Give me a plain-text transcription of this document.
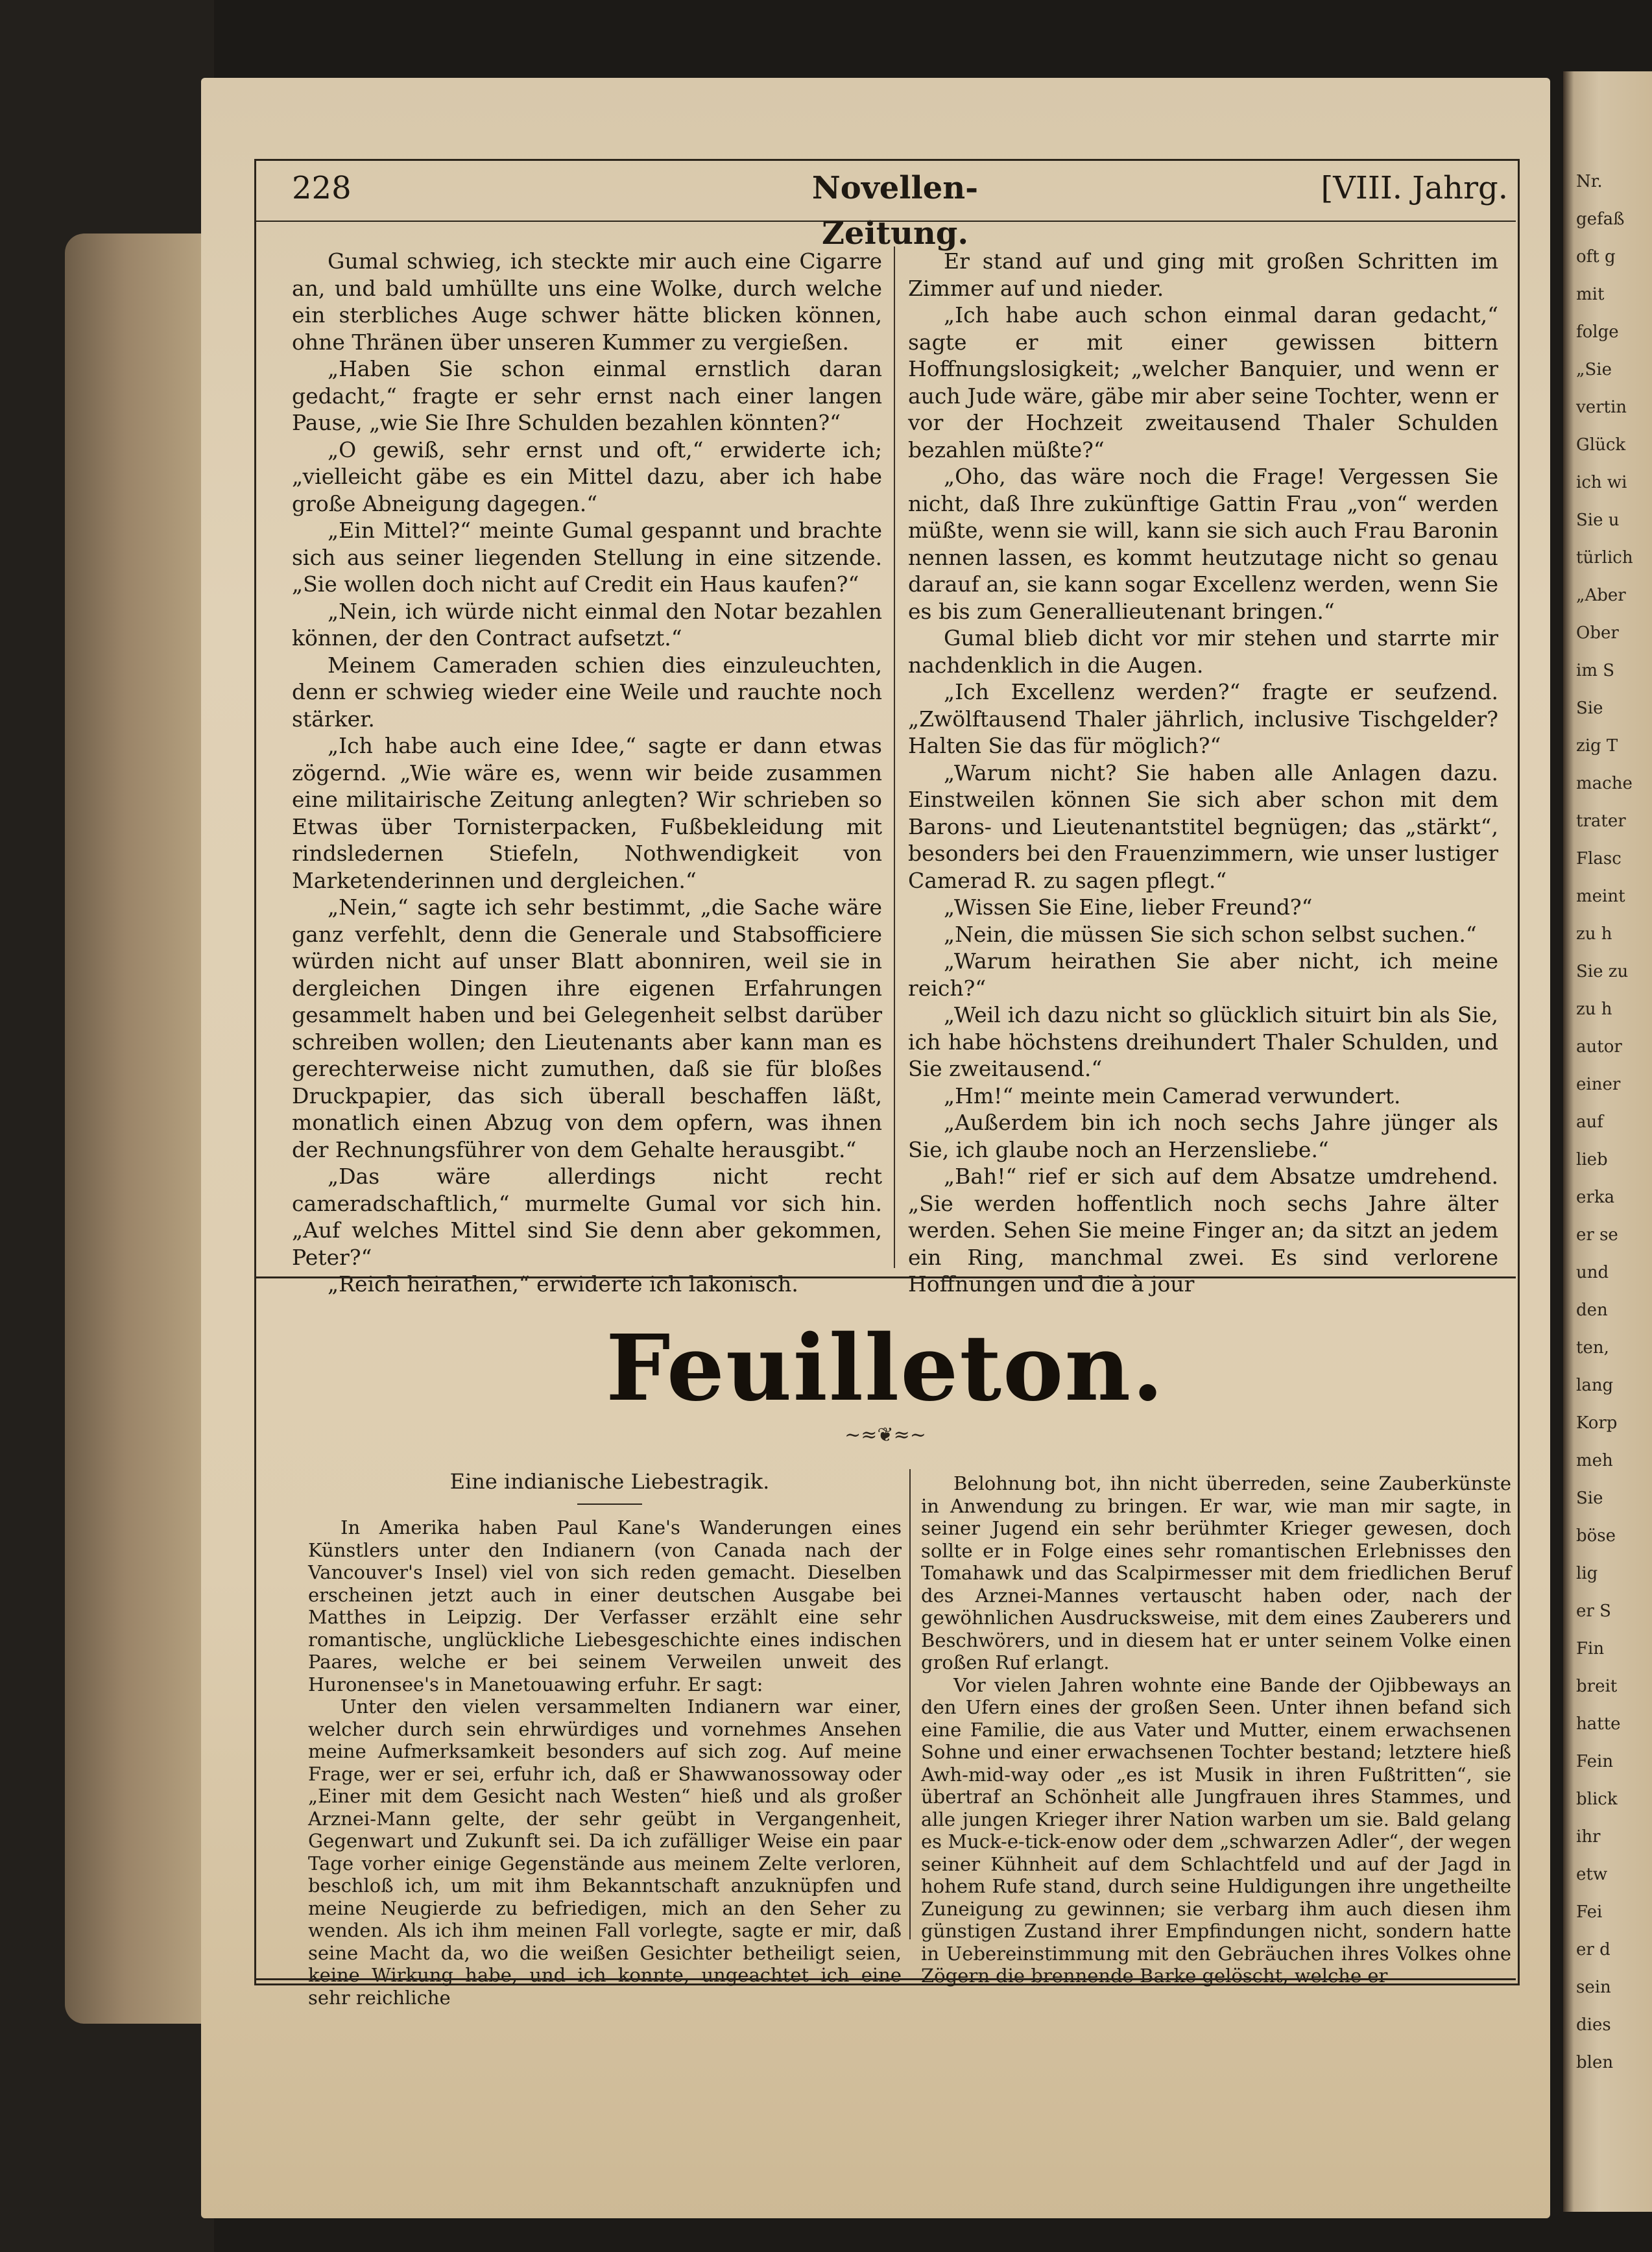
Nr.
gefaß
oft g
mit
folge
„Sie
vertin
Glück
ich wi
Sie u
türlich
„Aber
Ober
im S
Sie
zig T
mache
trater
Flasc
meint
zu h
Sie zu
zu h
autor
einer
auf
lieb
erka
er se
und
den
ten,
lang
Korp
meh
Sie
böse
lig
er S
Fin
breit
hatte
Fein
blick
ihr
etw
Fei
er d
sein
dies
blen
228	Novellen-Zeitung.
[VIII. Jahrg.

Gumal schwieg, ich steckte mir auch eine Cigarre an, und bald umhüllte uns eine Wolke, durch welche ein sterbliches Auge schwer hätte blicken können, ohne Thränen über unseren Kummer zu vergießen.

„Haben Sie schon einmal ernstlich daran gedacht,“ fragte er sehr ernst nach einer langen Pause, „wie Sie Ihre Schulden bezahlen könnten?“

„O gewiß, sehr ernst und oft,“ erwiderte ich; „vielleicht gäbe es ein Mittel dazu, aber ich habe große Abneigung dagegen.“

„Ein Mittel?“ meinte Gumal gespannt und brachte sich aus seiner liegenden Stellung in eine sitzende. „Sie wollen doch nicht auf Credit ein Haus kaufen?“

„Nein, ich würde nicht einmal den Notar bezahlen können, der den Contract aufsetzt.“

Meinem Cameraden schien dies einzuleuchten, denn er schwieg wieder eine Weile und rauchte noch stärker.

„Ich habe auch eine Idee,“ sagte er dann etwas zögernd. „Wie wäre es, wenn wir beide zusammen eine militairische Zeitung anlegten? Wir schrieben so Etwas über Tornisterpacken, Fußbekleidung mit rindsledernen Stiefeln, Nothwendigkeit von Marketenderinnen und dergleichen.“

„Nein,“ sagte ich sehr bestimmt, „die Sache wäre ganz verfehlt, denn die Generale und Stabsofficiere würden nicht auf unser Blatt abonniren, weil sie in dergleichen Dingen ihre eigenen Erfahrungen gesammelt haben und bei Gelegenheit selbst darüber schreiben wollen; den Lieutenants aber kann man es gerechterweise nicht zumuthen, daß sie für bloßes Druckpapier, das sich überall beschaffen läßt, monatlich einen Abzug von dem opfern, was ihnen der Rechnungsführer von dem Gehalte herausgibt.“

„Das wäre allerdings nicht recht cameradschaftlich,“ murmelte Gumal vor sich hin. „Auf welches Mittel sind Sie denn aber gekommen, Peter?“

„Reich heirathen,“ erwiderte ich lakonisch.

Er stand auf und ging mit großen Schritten im Zimmer auf und nieder.

„Ich habe auch schon einmal daran gedacht,“ sagte er mit einer gewissen bittern Hoffnungslosigkeit; „welcher Banquier, und wenn er auch Jude wäre, gäbe mir aber seine Tochter, wenn er vor der Hochzeit zweitausend Thaler Schulden bezahlen müßte?“

„Oho, das wäre noch die Frage! Vergessen Sie nicht, daß Ihre zukünftige Gattin Frau „von“ werden müßte, wenn sie will, kann sie sich auch Frau Baronin nennen lassen, es kommt heutzutage nicht so genau darauf an, sie kann sogar Excellenz werden, wenn Sie es bis zum Generallieutenant bringen.“

Gumal blieb dicht vor mir stehen und starrte mir nachdenklich in die Augen.

„Ich Excellenz werden?“ fragte er seufzend. „Zwölftausend Thaler jährlich, inclusive Tischgelder? Halten Sie das für möglich?“

„Warum nicht? Sie haben alle Anlagen dazu. Einstweilen können Sie sich aber schon mit dem Barons- und Lieutenantstitel begnügen; das „stärkt“, besonders bei den Frauenzimmern, wie unser lustiger Camerad R. zu sagen pflegt.“

„Wissen Sie Eine, lieber Freund?“

„Nein, die müssen Sie sich schon selbst suchen.“

„Warum heirathen Sie aber nicht, ich meine reich?“

„Weil ich dazu nicht so glücklich situirt bin als Sie, ich habe höchstens dreihundert Thaler Schulden, und Sie zweitausend.“

„Hm!“ meinte mein Camerad verwundert.

„Außerdem bin ich noch sechs Jahre jünger als Sie, ich glaube noch an Herzensliebe.“

„Bah!“ rief er sich auf dem Absatze umdrehend. „Sie werden hoffentlich noch sechs Jahre älter werden. Sehen Sie meine Finger an; da sitzt an jedem ein Ring, manchmal zwei. Es sind verlorene Hoffnungen und die à jour

Feuilleton.
~≈❦≈~
Eine indianische Liebestragik.

In Amerika haben Paul Kane's Wanderungen eines Künstlers unter den Indianern (von Canada nach der Vancouver's Insel) viel von sich reden gemacht. Dieselben erscheinen jetzt auch in einer deutschen Ausgabe bei Matthes in Leipzig. Der Verfasser erzählt eine sehr romantische, unglückliche Liebesgeschichte eines indischen Paares, welche er bei seinem Verweilen unweit des Huronensee's in Manetouawing erfuhr. Er sagt:

Unter den vielen versammelten Indianern war einer, welcher durch sein ehrwürdiges und vornehmes Ansehen meine Aufmerksamkeit besonders auf sich zog. Auf meine Frage, wer er sei, erfuhr ich, daß er Shawwanossoway oder „Einer mit dem Gesicht nach Westen“ hieß und als großer Arznei-Mann gelte, der sehr geübt in Vergangenheit, Gegenwart und Zukunft sei. Da ich zufälliger Weise ein paar Tage vorher einige Gegenstände aus meinem Zelte verloren, beschloß ich, um mit ihm Bekanntschaft anzuknüpfen und meine Neugierde zu befriedigen, mich an den Seher zu wenden. Als ich ihm meinen Fall vorlegte, sagte er mir, daß seine Macht da, wo die weißen Gesichter betheiligt seien, keine Wirkung habe, und ich konnte, ungeachtet ich eine sehr reichliche

Belohnung bot, ihn nicht überreden, seine Zauberkünste in Anwendung zu bringen. Er war, wie man mir sagte, in seiner Jugend ein sehr berühmter Krieger gewesen, doch sollte er in Folge eines sehr romantischen Erlebnisses den Tomahawk und das Scalpirmesser mit dem friedlichen Beruf des Arznei-Mannes vertauscht haben oder, nach der gewöhnlichen Ausdrucksweise, mit dem eines Zauberers und Beschwörers, und in diesem hat er unter seinem Volke einen großen Ruf erlangt.

Vor vielen Jahren wohnte eine Bande der Ojibbeways an den Ufern eines der großen Seen. Unter ihnen befand sich eine Familie, die aus Vater und Mutter, einem erwachsenen Sohne und einer erwachsenen Tochter bestand; letztere hieß Awh-mid-way oder „es ist Musik in ihren Fußtritten“, sie übertraf an Schönheit alle Jungfrauen ihres Stammes, und alle jungen Krieger ihrer Nation warben um sie. Bald gelang es Muck-e-tick-enow oder dem „schwarzen Adler“, der wegen seiner Kühnheit auf dem Schlachtfeld und auf der Jagd in hohem Rufe stand, durch seine Huldigungen ihre ungetheilte Zuneigung zu gewinnen; sie verbarg ihm auch diesen ihm günstigen Zustand ihrer Empfindungen nicht, sondern hatte in Uebereinstimmung mit den Gebräuchen ihres Volkes ohne Zögern die brennende Barke gelöscht, welche er
